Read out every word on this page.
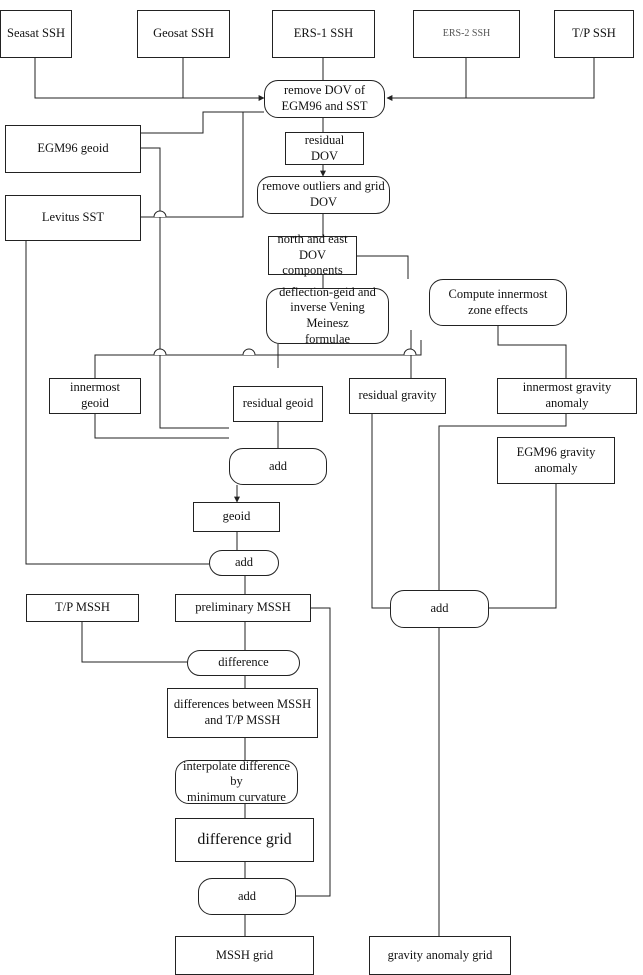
Seasat SSH	Geosat SSH	ERS-1 SSH	ERS-2 SSH	T/P SSH
remove DOV of
EGM96 and SST
EGM96 geoid
residual
DOV
remove outliers and grid
DOV
Levitus SST
north and east DOV
components
Compute innermost
zone effects
deflection-geid and
inverse Vening Meinesz
formulae
innermost
geoid	residual geoid
residual gravity
innermost gravity
anomaly
EGM96 gravity
anomaly
add
geoid
add
T/P MSSH	preliminary MSSH	add
difference
differences between MSSH
and T/P MSSH
interpolate difference by
minimum curvature
difference grid
add
MSSH grid	gravity anomaly grid
